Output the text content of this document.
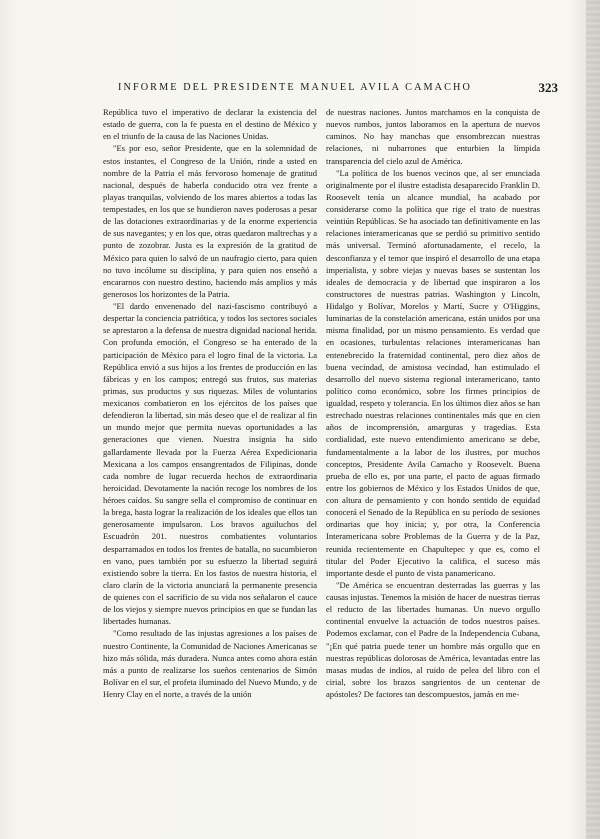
INFORME DEL PRESIDENTE MANUEL AVILA CAMACHO	323

República tuvo el imperativo de declarar la existencia del estado de guerra, con la fe puesta en el destino de México y en el triunfo de la causa de las Naciones Unidas.

"Es por eso, señor Presidente, que en la solemnidad de estos instantes, el Congreso de la Unión, rinde a usted en nombre de la Patria el más fervoroso homenaje de gratitud nacional, después de haberla conducido otra vez frente a playas tranquilas, volviendo de los mares abiertos a todas las tempestades, en los que se hundieron naves poderosas a pesar de las dotaciones extraordinarias y de la enorme experiencia de sus navegantes; y en los que, otras quedaron maltrechas y a punto de zozobrar. Justa es la expresión de la gratitud de México para quien lo salvó de un naufragio cierto, para quien no tuvo incólume su disciplina, y para quien nos enseñó a encararnos con nuestro destino, haciendo más amplios y más generosos los horizontes de la Patria.

"El dardo envenenado del nazi-fascismo contribuyó a despertar la conciencia patriótica, y todos los sectores sociales se aprestaron a la defensa de nuestra dignidad nacional herida. Con profunda emoción, el Congreso se ha enterado de la participación de México para el logro final de la victoria. La República envió a sus hijos a los frentes de producción en las fábricas y en los campos; entregó sus frutos, sus materias primas, sus productos y sus riquezas. Miles de voluntarios mexicanos combatieron en los ejércitos de los países que defendieron la libertad, sin más deseo que el de realizar al fin un mundo mejor que permita nuevas oportunidades a las generaciones que vienen. Nuestra insignia ha sido gallardamente llevada por la Fuerza Aérea Expedicionaria Mexicana a los campos ensangrentados de Filipinas, donde cada nombre de lugar recuerda hechos de extraordinaria heroicidad. Devotamente la nación recoge los nombres de los héroes caídos. Su sangre sella el compromiso de continuar en la brega, hasta lograr la realización de los ideales que ellos tan generosamente impulsaron. Los bravos aguiluchos del Escuadrón 201. nuestros combatientes voluntarios desparramados en todos los frentes de batalla, no sucumbieron en vano, pues también por su esfuerzo la libertad seguirá existiendo sobre la tierra. En los fastos de nuestra historia, el claro clarín de la victoria anunciará la permanente presencia de quienes con el sacrificio de su vida nos señalaron el cauce de los viejos y siempre nuevos principios en que se fundan las libertades humanas.

"Como resultado de las injustas agresiones a los países de nuestro Continente, la Comunidad de Naciones Americanas se hizo más sólida, más duradera. Nunca antes como ahora están más a punto de realizarse los sueños centenarios de Simón Bolívar en el sur, el profeta iluminado del Nuevo Mundo, y de Henry Clay en el norte, a través de la unión

de nuestras naciones. Juntos marchamos en la conquista de nuevos rumbos, juntos laboramos en la apertura de nuevos caminos. No hay manchas que ensombrezcan nuestras relaciones, ni nubarrones que enturbien la límpida transparencia del cielo azul de América.

"La política de los buenos vecinos que, al ser enunciada originalmente por el ilustre estadista desaparecido Franklin D. Roosevelt tenía un alcance mundial, ha acabado por considerarse como la política que rige el trato de nuestras veintiún Repúblicas. Se ha asociado tan definitivamente en las relaciones interamericanas que se perdió su primitivo sentido más universal. Terminó afortunadamente, el recelo, la desconfianza y el temor que inspiró el desarrollo de una etapa imperialista, y sobre viejas y nuevas bases se sustentan los ideales de democracia y de libertad que inspiraron a los constructores de nuestras patrias. Washington y Lincoln, Hidalgo y Bolívar, Morelos y Martí, Sucre y O'Higgins, luminarias de la constelación americana, están unidos por una misma finalidad, por un mismo pensamiento. Es verdad que en ocasiones, turbulentas relaciones interamericanas han entenebrecido la fraternidad continental, pero diez años de buena vecindad, de amistosa vecindad, han estimulado el desarrollo del nuevo sistema regional interamericano, tanto político como económico, sobre los firmes principios de igualdad, respeto y tolerancia. En los últimos diez años se han estrechado nuestras relaciones continentales más que en cien años de incomprensión, amarguras y tragedias. Esta cordialidad, este nuevo entendimiento americano se debe, fundamentalmente a la labor de los ilustres, por muchos conceptos, Presidente Avila Camacho y Roosevelt. Buena prueba de ello es, por una parte, el pacto de aguas firmado entre los gobiernos de México y los Estados Unidos de que, con altura de pensamiento y con hondo sentido de equidad conocerá el Senado de la República en su período de sesiones ordinarias que hoy inicia; y, por otra, la Conferencia Interamericana sobre Problemas de la Guerra y de la Paz, reunida recientemente en Chapultepec y que es, como el titular del Poder Ejecutivo la califica, el suceso más importante desde el punto de vista panamericano.

"De América se encuentran desterradas las guerras y las causas injustas. Tenemos la misión de hacer de nuestras tierras el reducto de las libertades humanas. Un nuevo orgullo continental envuelve la actuación de todos nuestros países. Podemos exclamar, con el Padre de la Independencia Cubana, "¡En qué patria puede tener un hombre más orgullo que en nuestras repúblicas dolorosas de América, levantadas entre las masas mudas de indios, al ruido de pelea del libro con el cirial, sobre los brazos sangrientos de un centenar de apóstoles? De factores tan descompuestos, jamás en me-
